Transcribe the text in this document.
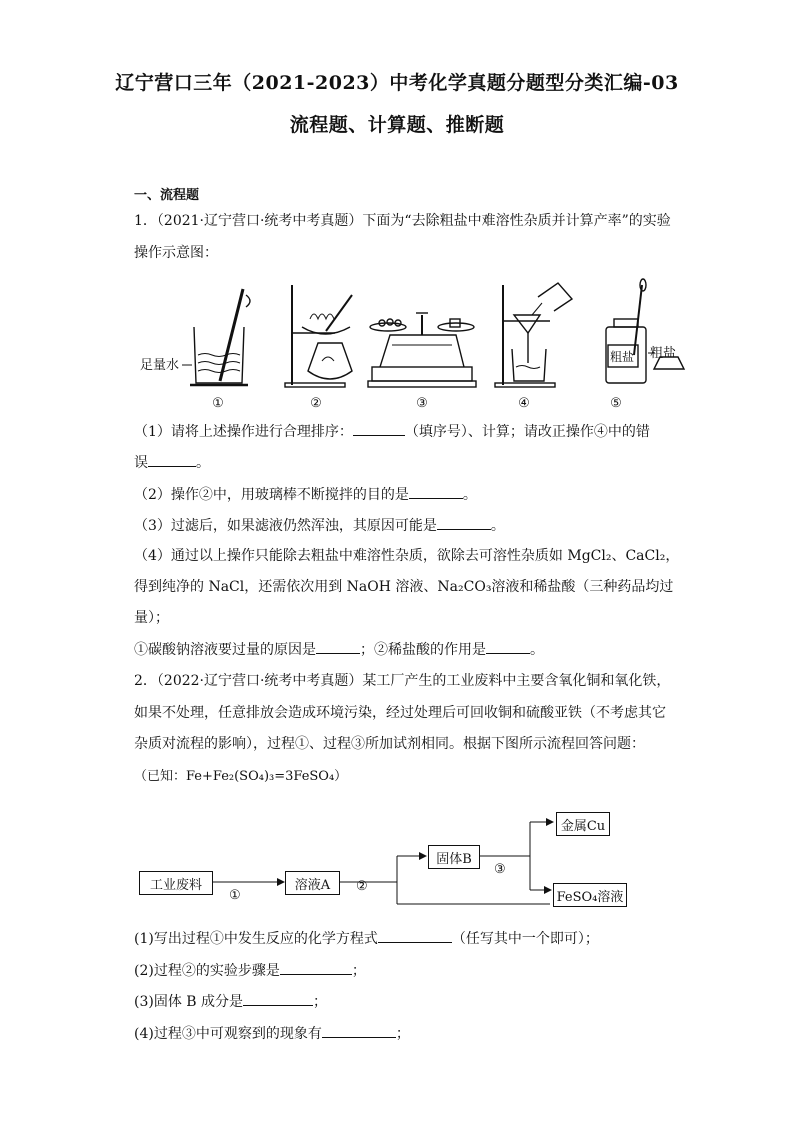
辽宁营口三年（2021-2023）中考化学真题分题型分类汇编-03
流程题、计算题、推断题
一、流程题
1．（2021·辽宁营口·统考中考真题）下面为“去除粗盐中难溶性杂质并计算产率”的实验
操作示意图：
足量水
粗盐 粗盐
①	②	③	④	⑤
（1）请将上述操作进行合理排序：	（填序号）、计算；请改正操作④中的错
误	。
（2）操作②中，用玻璃棒不断搅拌的目的是	。
（3）过滤后，如果滤液仍然浑浊，其原因可能是	。
（4）通过以上操作只能除去粗盐中难溶性杂质，欲除去可溶性杂质如 MgCl₂、CaCl₂，
得到纯净的 NaCl，还需依次用到 NaOH 溶液、Na₂CO₃溶液和稀盐酸（三种药品均过
量）；
①碳酸钠溶液要过量的原因是	；②稀盐酸的作用是	。
2．（2022·辽宁营口·统考中考真题）某工厂产生的工业废料中主要含氧化铜和氧化铁，
如果不处理，任意排放会造成环境污染，经过处理后可回收铜和硫酸亚铁（不考虑其它
杂质对流程的影响），过程①、过程③所加试剂相同。根据下图所示流程回答问题：
（已知：Fe+Fe₂(SO₄)₃=3FeSO₄）
工业废料	溶液A
固体B
金属Cu
FeSO₄溶液
①
②
③
(1)写出过程①中发生反应的化学方程式	（任写其中一个即可）；
(2)过程②的实验步骤是	；
(3)固体 B 成分是	；
(4)过程③中可观察到的现象有	；
